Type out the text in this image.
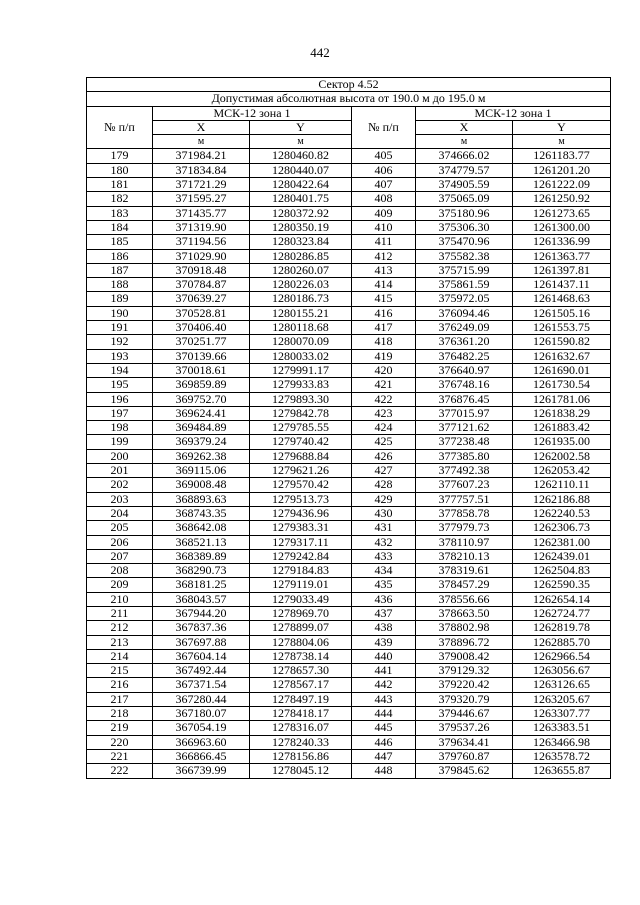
442
Сектор 4.52					
Допустимая абсолютная высота от 190.0 м до 195.0 м					
№ п/п	МСК-12 зона 1		№ п/п	МСК-12 зона 1	
	X	Y		X	Y
	м	м		м	м
179	371984.21	1280460.82	405	374666.02	1261183.77
180	371834.84	1280440.07	406	374779.57	1261201.20
181	371721.29	1280422.64	407	374905.59	1261222.09
182	371595.27	1280401.75	408	375065.09	1261250.92
183	371435.77	1280372.92	409	375180.96	1261273.65
184	371319.90	1280350.19	410	375306.30	1261300.00
185	371194.56	1280323.84	411	375470.96	1261336.99
186	371029.90	1280286.85	412	375582.38	1261363.77
187	370918.48	1280260.07	413	375715.99	1261397.81
188	370784.87	1280226.03	414	375861.59	1261437.11
189	370639.27	1280186.73	415	375972.05	1261468.63
190	370528.81	1280155.21	416	376094.46	1261505.16
191	370406.40	1280118.68	417	376249.09	1261553.75
192	370251.77	1280070.09	418	376361.20	1261590.82
193	370139.66	1280033.02	419	376482.25	1261632.67
194	370018.61	1279991.17	420	376640.97	1261690.01
195	369859.89	1279933.83	421	376748.16	1261730.54
196	369752.70	1279893.30	422	376876.45	1261781.06
197	369624.41	1279842.78	423	377015.97	1261838.29
198	369484.89	1279785.55	424	377121.62	1261883.42
199	369379.24	1279740.42	425	377238.48	1261935.00
200	369262.38	1279688.84	426	377385.80	1262002.58
201	369115.06	1279621.26	427	377492.38	1262053.42
202	369008.48	1279570.42	428	377607.23	1262110.11
203	368893.63	1279513.73	429	377757.51	1262186.88
204	368743.35	1279436.96	430	377858.78	1262240.53
205	368642.08	1279383.31	431	377979.73	1262306.73
206	368521.13	1279317.11	432	378110.97	1262381.00
207	368389.89	1279242.84	433	378210.13	1262439.01
208	368290.73	1279184.83	434	378319.61	1262504.83
209	368181.25	1279119.01	435	378457.29	1262590.35
210	368043.57	1279033.49	436	378556.66	1262654.14
211	367944.20	1278969.70	437	378663.50	1262724.77
212	367837.36	1278899.07	438	378802.98	1262819.78
213	367697.88	1278804.06	439	378896.72	1262885.70
214	367604.14	1278738.14	440	379008.42	1262966.54
215	367492.44	1278657.30	441	379129.32	1263056.67
216	367371.54	1278567.17	442	379220.42	1263126.65
217	367280.44	1278497.19	443	379320.79	1263205.67
218	367180.07	1278418.17	444	379446.67	1263307.77
219	367054.19	1278316.07	445	379537.26	1263383.51
220	366963.60	1278240.33	446	379634.41	1263466.98
221	366866.45	1278156.86	447	379760.87	1263578.72
222	366739.99	1278045.12	448	379845.62	1263655.87
